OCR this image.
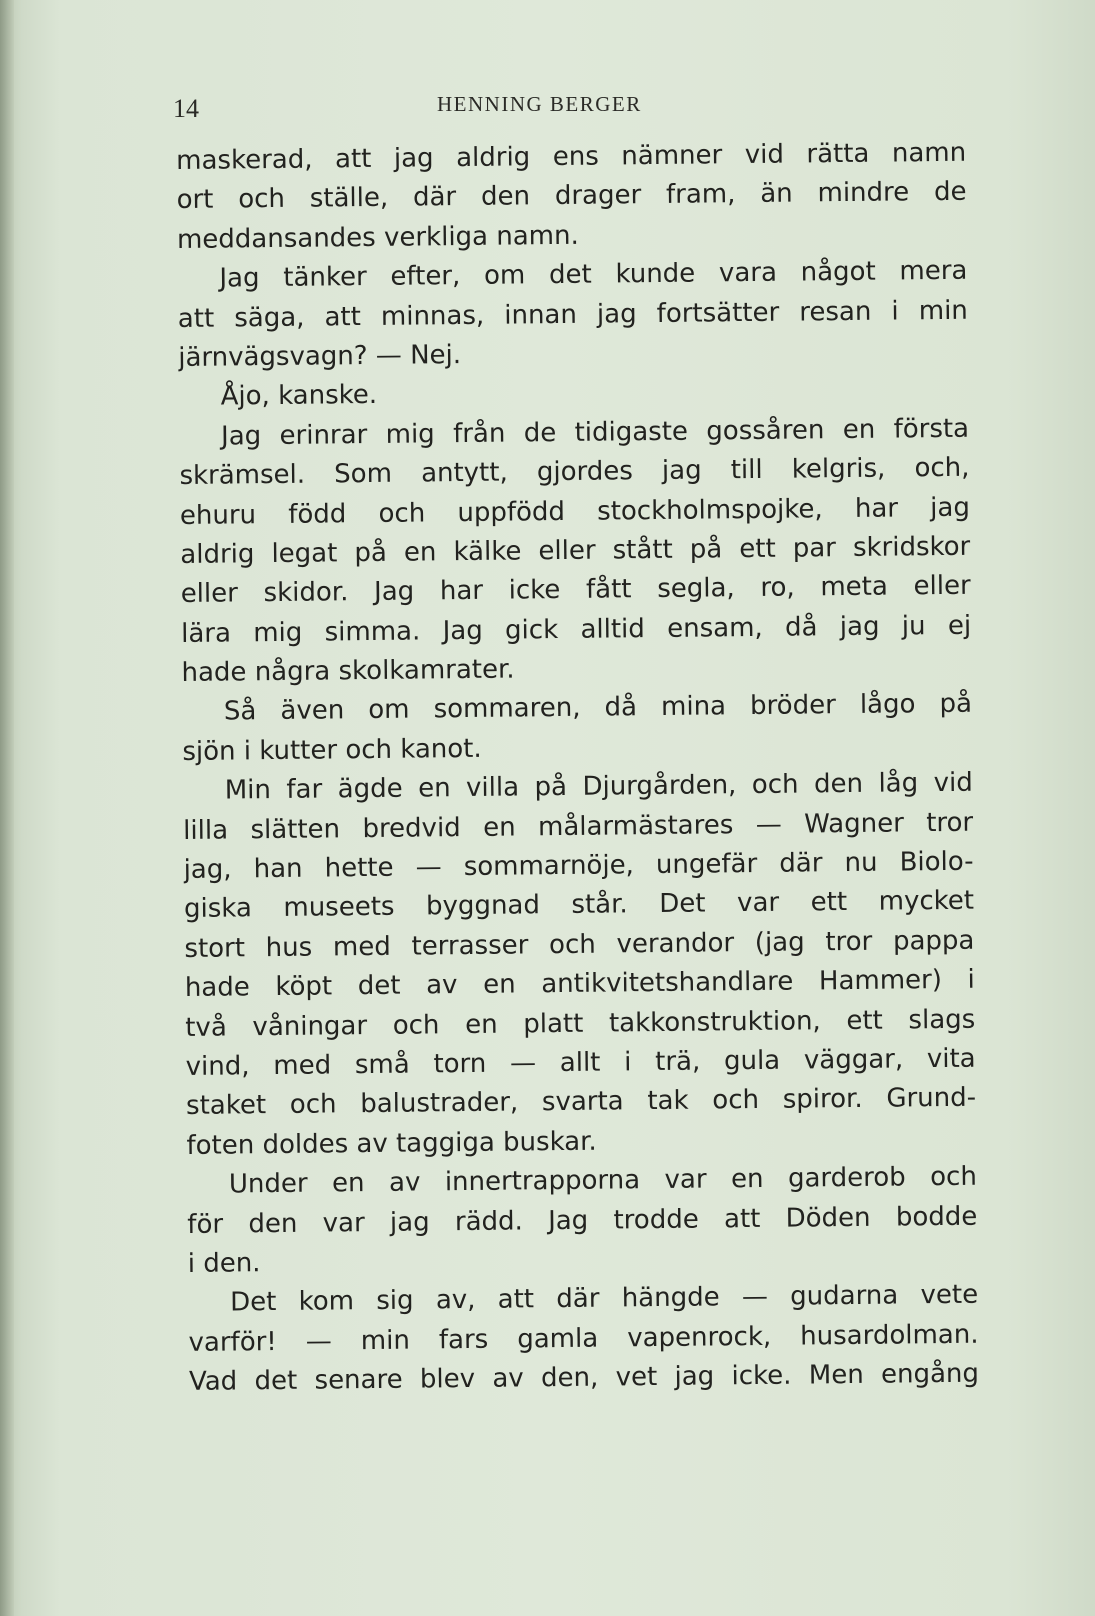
14	HENNING BERGER
maskerad, att jag aldrig ens nämner vid rätta namn
ort och ställe, där den drager fram, än mindre de
meddansandes verkliga namn.
Jag tänker efter, om det kunde vara något mera
att säga, att minnas, innan jag fortsätter resan i min
järnvägsvagn? — Nej.
Åjo, kanske.
Jag erinrar mig från de tidigaste gossåren en första
skrämsel. Som antytt, gjordes jag till kelgris, och,
ehuru född och uppfödd stockholmspojke, har jag
aldrig legat på en kälke eller stått på ett par skridskor
eller skidor. Jag har icke fått segla, ro, meta eller
lära mig simma. Jag gick alltid ensam, då jag ju ej
hade några skolkamrater.
Så även om sommaren, då mina bröder lågo på
sjön i kutter och kanot.
Min far ägde en villa på Djurgården, och den låg vid
lilla slätten bredvid en målarmästares — Wagner tror
jag, han hette — sommarnöje, ungefär där nu Biolo-
giska museets byggnad står. Det var ett mycket
stort hus med terrasser och verandor (jag tror pappa
hade köpt det av en antikvitetshandlare Hammer) i
två våningar och en platt takkonstruktion, ett slags
vind, med små torn — allt i trä, gula väggar, vita
staket och balustrader, svarta tak och spiror. Grund-
foten doldes av taggiga buskar.
Under en av innertrapporna var en garderob och
för den var jag rädd. Jag trodde att Döden bodde
i den.
Det kom sig av, att där hängde — gudarna vete
varför! — min fars gamla vapenrock, husardolman.
Vad det senare blev av den, vet jag icke. Men engång
